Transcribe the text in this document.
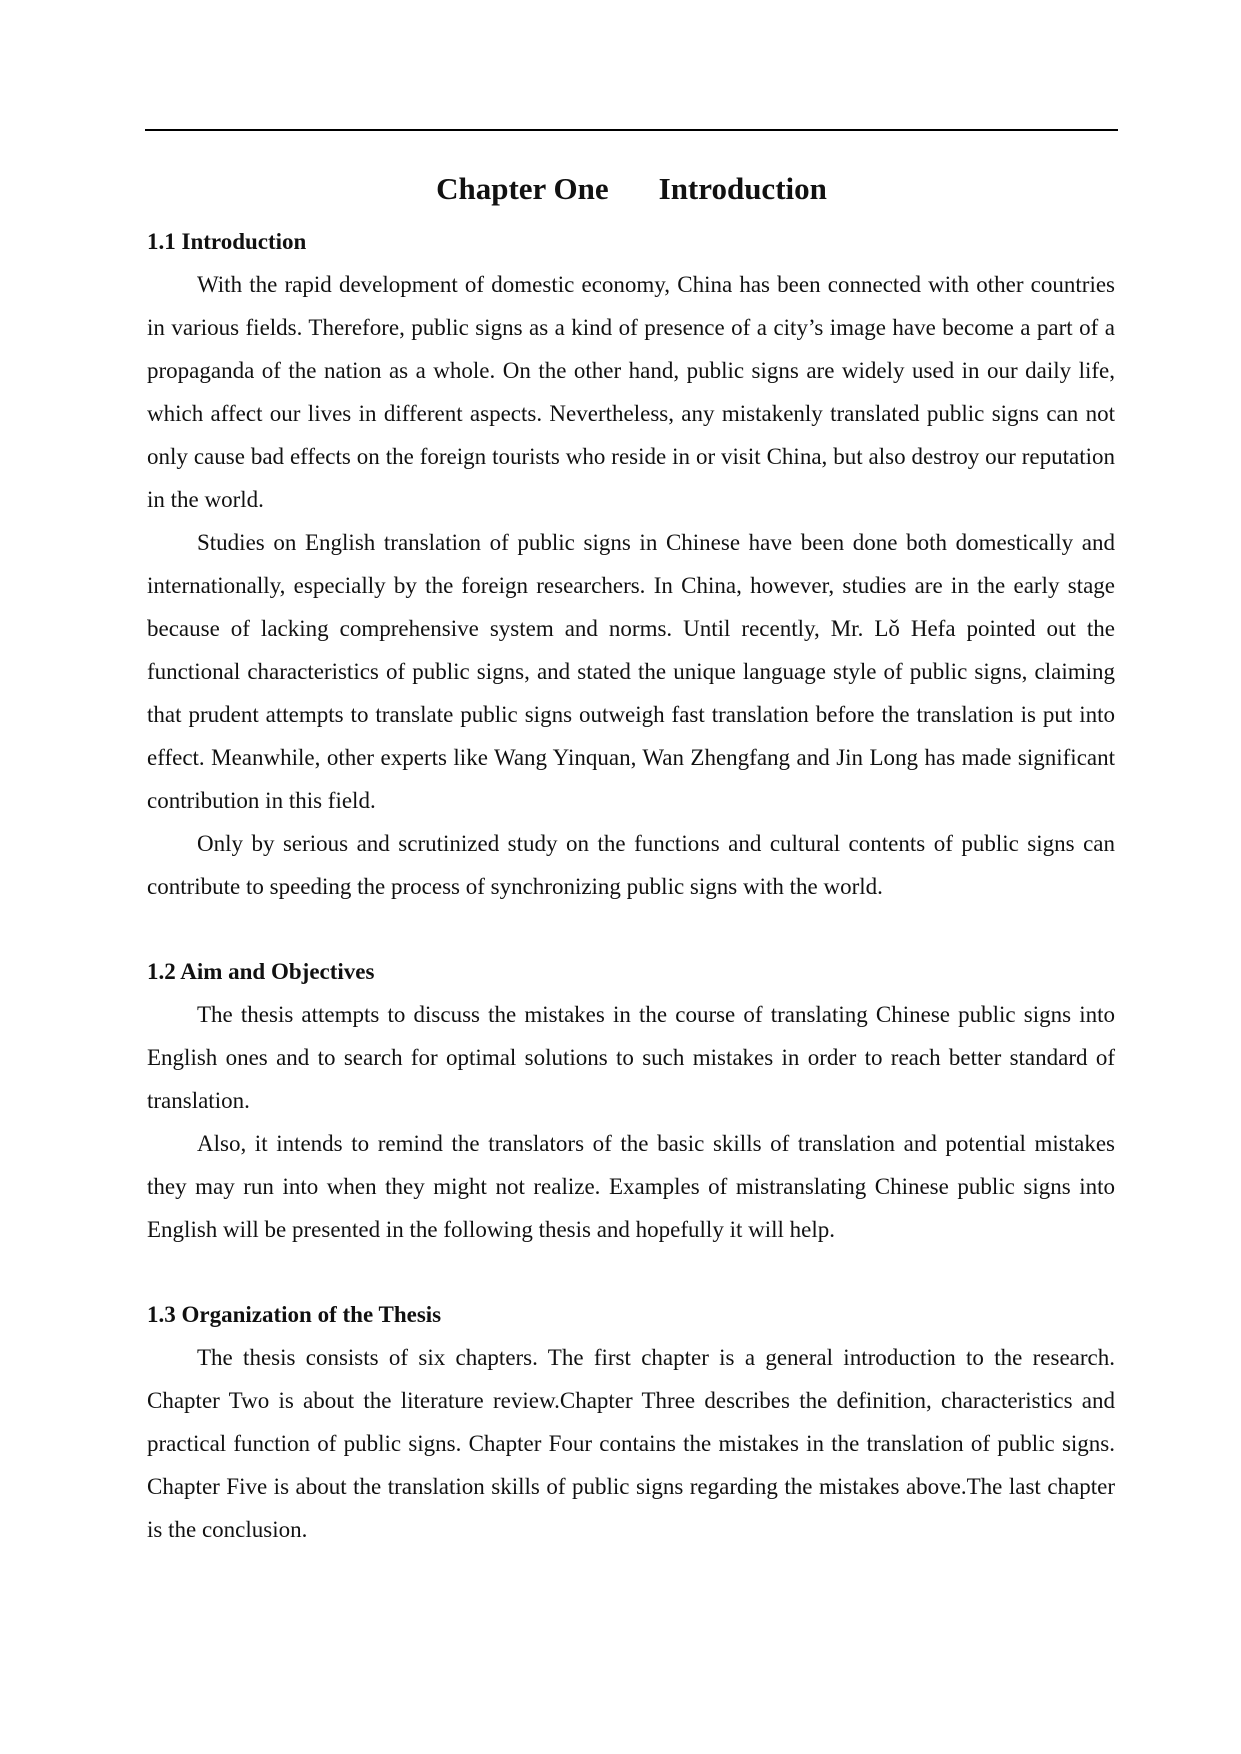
Chapter One Introduction
1.1 Introduction

With the rapid development of domestic economy, China has been connected with other countries in various fields. Therefore, public signs as a kind of presence of a city’s image have become a part of a propaganda of the nation as a whole. On the other hand, public signs are widely used in our daily life, which affect our lives in different aspects. Nevertheless, any mistakenly translated public signs can not only cause bad effects on the foreign tourists who reside in or visit China, but also destroy our reputation in the world.

Studies on English translation of public signs in Chinese have been done both domestically and internationally, especially by the foreign researchers. In China, however, studies are in the early stage because of lacking comprehensive system and norms. Until recently, Mr. Lǒ Hefa pointed out the functional characteristics of public signs, and stated the unique language style of public signs, claiming that prudent attempts to translate public signs outweigh fast translation before the translation is put into effect. Meanwhile, other experts like Wang Yinquan, Wan Zhengfang and Jin Long has made significant contribution in this field.

Only by serious and scrutinized study on the functions and cultural contents of public signs can contribute to speeding the process of synchronizing public signs with the world.

1.2 Aim and Objectives

The thesis attempts to discuss the mistakes in the course of translating Chinese public signs into English ones and to search for optimal solutions to such mistakes in order to reach better standard of translation.

Also, it intends to remind the translators of the basic skills of translation and potential mistakes they may run into when they might not realize. Examples of mistranslating Chinese public signs into English will be presented in the following thesis and hopefully it will help.

1.3 Organization of the Thesis

The thesis consists of six chapters. The first chapter is a general introduction to the research. Chapter Two is about the literature review.Chapter Three describes the definition, characteristics and practical function of public signs. Chapter Four contains the mistakes in the translation of public signs. Chapter Five is about the translation skills of public signs regarding the mistakes above.The last chapter is the conclusion.
